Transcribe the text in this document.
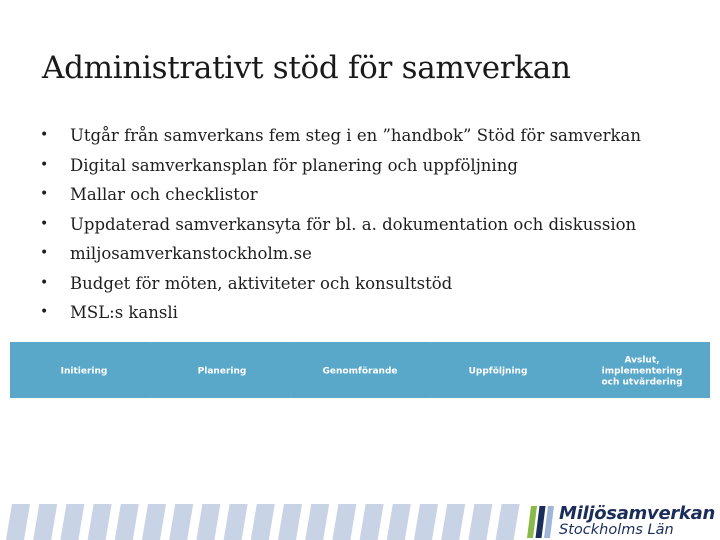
Administrativt stöd för samverkan
• Utgår från samverkans fem steg i en ”handbok” Stöd för samverkan
• Digital samverkansplan för planering och uppföljning
• Mallar och checklistor
• Uppdaterad samverkansyta för bl. a. dokumentation och diskussion
• miljosamverkanstockholm.se
• Budget för möten, aktiviteter och konsultstöd
• MSL:s kansli
Initiering	Planering	Genomförande	Uppföljning
Avslut,
implementering
och utvärdering
Miljösamverkan
Stockholms Län
